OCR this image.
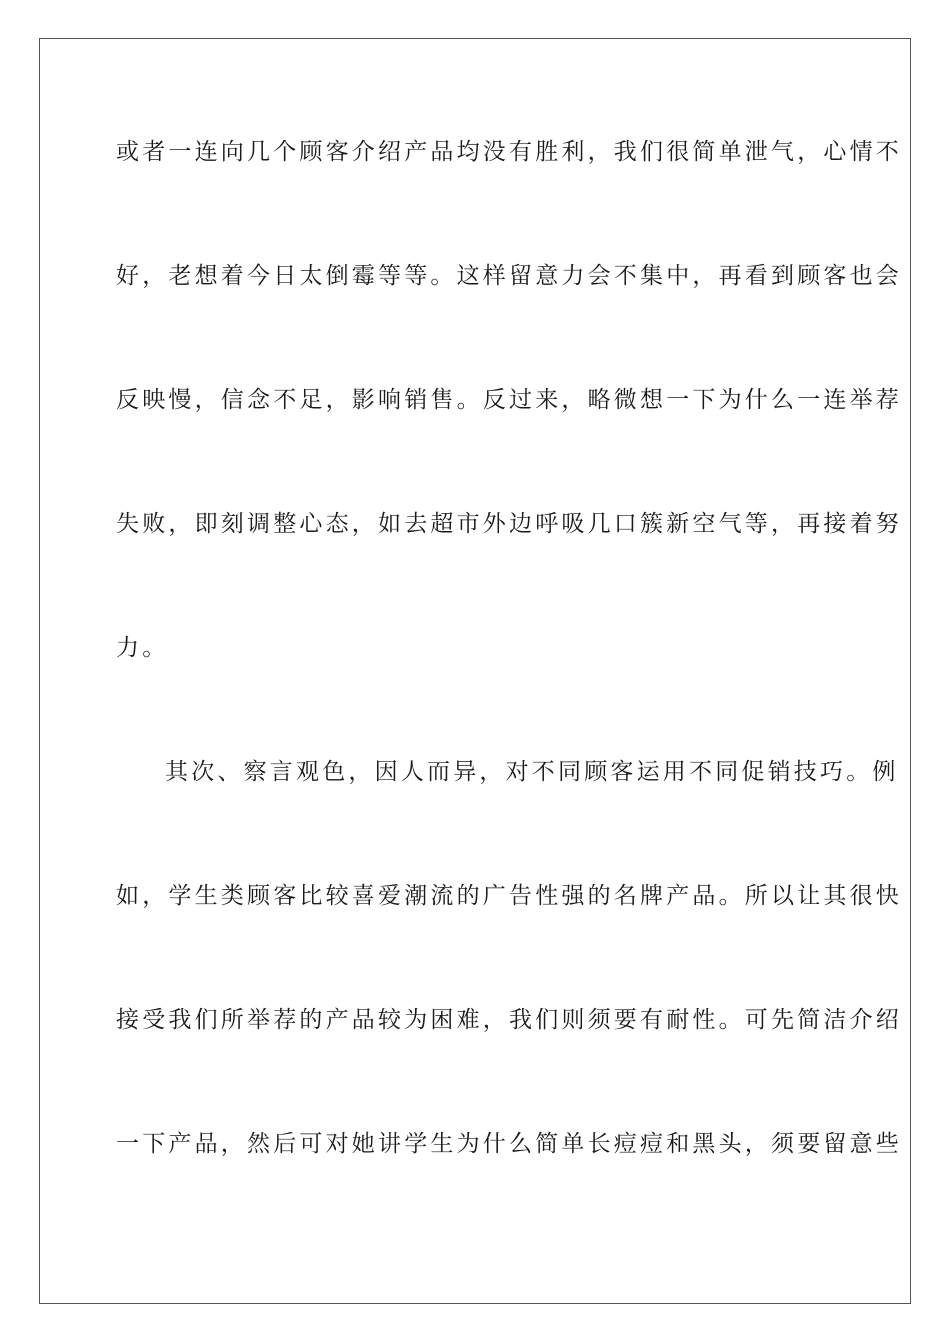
或者一连向几个顾客介绍产品均没有胜利，我们很简单泄气，心情不
好，老想着今日太倒霉等等。这样留意力会不集中，再看到顾客也会
反映慢，信念不足，影响销售。反过来，略微想一下为什么一连举荐
失败，即刻调整心态，如去超市外边呼吸几口簇新空气等，再接着努
力。
其次、察言观色，因人而异，对不同顾客运用不同促销技巧。例
如，学生类顾客比较喜爱潮流的广告性强的名牌产品。所以让其很快
接受我们所举荐的产品较为困难，我们则须要有耐性。可先简洁介绍
一下产品，然后可对她讲学生为什么简单长痘痘和黑头，须要留意些
